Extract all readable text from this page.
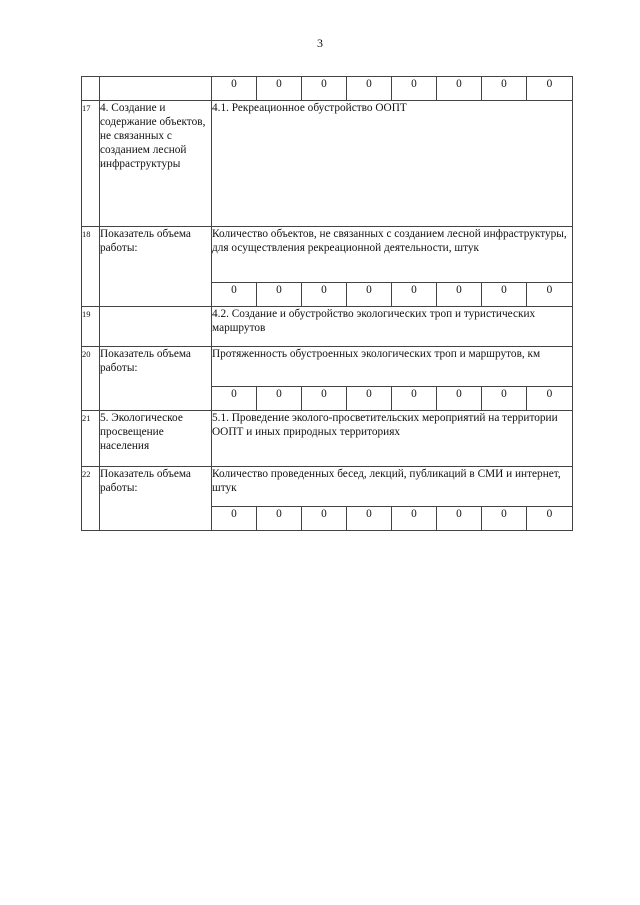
3
		0	0	0	0	0	0	0	0
17	4. Создание и содержание объектов, не связанных с созданием лесной инфраструктуры	4.1. Рекреационное обустройство ООПТ							
18	Показатель объема работы:	Количество объектов, не связанных с созданием лесной инфраструктуры, для осуществления рекреационной деятельности, штук							
		0	0	0	0	0	0	0	0
19		4.2. Создание и обустройство экологических троп и туристических маршрутов							
20	Показатель объема работы:	Протяженность обустроенных экологических троп и маршрутов, км							
		0	0	0	0	0	0	0	0
21	5. Экологическое просвещение населения	5.1. Проведение эколого-просветительских мероприятий на территории ООПТ и иных природных территориях							
22	Показатель объема работы:	Количество проведенных бесед, лекций, публикаций в СМИ и интернет, штук							
		0	0	0	0	0	0	0	0
